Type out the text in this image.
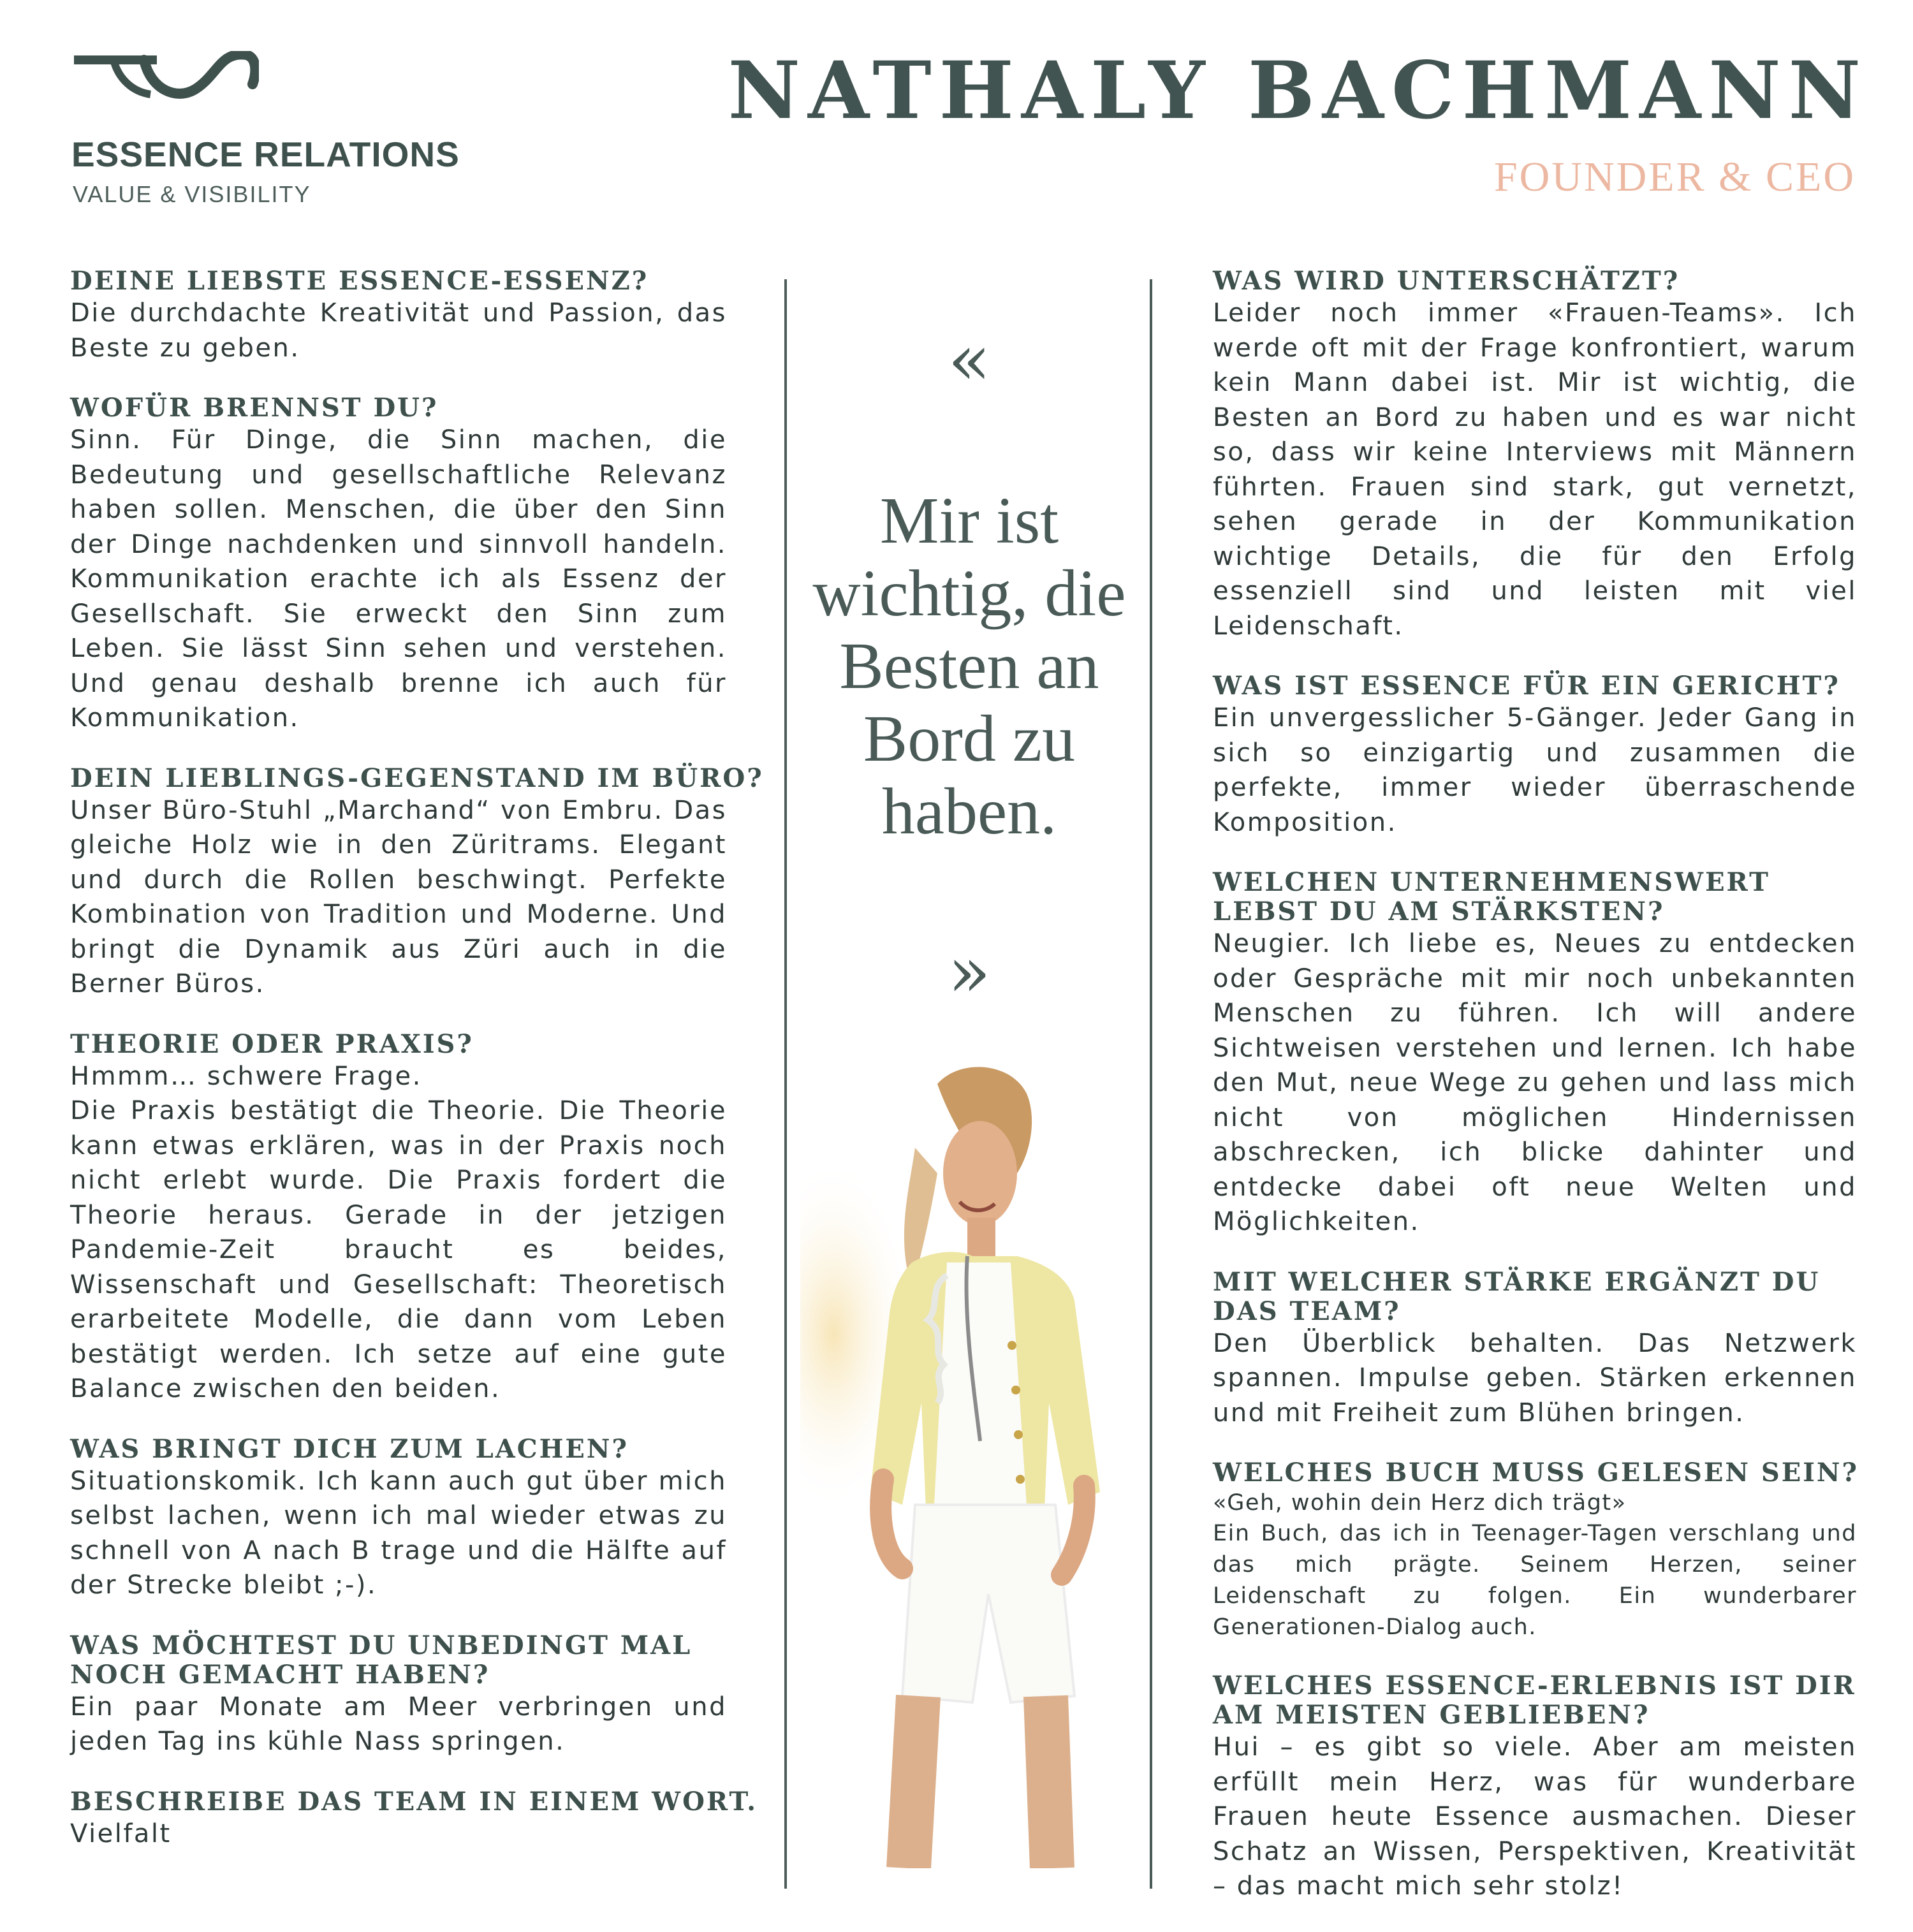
ESSENCE RELATIONS
VALUE & VISIBILITY
NATHALY BACHMANN
FOUNDER & CEO
DEINE LIEBSTE ESSENCE-ESSENZ?

Die durchdachte Kreativität und Passion, das Beste zu geben.

WOFÜR BRENNST DU?

Sinn. Für Dinge, die Sinn machen, die Bedeutung und gesellschaftliche Relevanz haben sollen. Menschen, die über den Sinn der Dinge nachdenken und sinnvoll handeln. Kommunikation erachte ich als Essenz der Gesellschaft. Sie erweckt den Sinn zum Leben. Sie lässt Sinn sehen und verstehen. Und genau deshalb brenne ich auch für Kommunikation.

DEIN LIEBLINGS-GEGENSTAND IM BÜRO?

Unser Büro-Stuhl „Marchand“ von Embru. Das gleiche Holz wie in den Züritrams. Elegant und durch die Rollen beschwingt. Perfekte Kombination von Tradition und Moderne. Und bringt die Dynamik aus Züri auch in die Berner Büros.

THEORIE ODER PRAXIS?

Hmmm… schwere Frage.

Die Praxis bestätigt die Theorie. Die Theorie kann etwas erklären, was in der Praxis noch nicht erlebt wurde. Die Praxis fordert die Theorie heraus. Gerade in der jetzigen Pandemie-Zeit braucht es beides, Wissenschaft und Gesellschaft: Theoretisch erarbeitete Modelle, die dann vom Leben bestätigt werden. Ich setze auf eine gute Balance zwischen den beiden.

WAS BRINGT DICH ZUM LACHEN?

Situationskomik. Ich kann auch gut über mich selbst lachen, wenn ich mal wieder etwas zu schnell von A nach B trage und die Hälfte auf der Strecke bleibt ;-).

WAS MÖCHTEST DU UNBEDINGT MAL
NOCH GEMACHT HABEN?

Ein paar Monate am Meer verbringen und jeden Tag ins kühle Nass springen.

BESCHREIBE DAS TEAM IN EINEM WORT.

Vielfalt

«
Mir ist wichtig, die Besten an Bord zu haben.
»
WAS WIRD UNTERSCHÄTZT?

Leider noch immer «Frauen-Teams». Ich werde oft mit der Frage konfrontiert, warum kein Mann dabei ist. Mir ist wichtig, die Besten an Bord zu haben und es war nicht so, dass wir keine Interviews mit Männern führten. Frauen sind stark, gut vernetzt, sehen gerade in der Kommunikation wichtige Details, die für den Erfolg essenziell sind und leisten mit viel Leidenschaft.

WAS IST ESSENCE FÜR EIN GERICHT?

Ein unvergesslicher 5-Gänger. Jeder Gang in sich so einzigartig und zusammen die perfekte, immer wieder überraschende Komposition.

WELCHEN UNTERNEHMENSWERT
LEBST DU AM STÄRKSTEN?

Neugier. Ich liebe es, Neues zu entdecken oder Gespräche mit mir noch unbekannten Menschen zu führen. Ich will andere Sichtweisen verstehen und lernen. Ich habe den Mut, neue Wege zu gehen und lass mich nicht von möglichen Hindernissen abschrecken, ich blicke dahinter und entdecke dabei oft neue Welten und Möglichkeiten.

MIT WELCHER STÄRKE ERGÄNZT DU
DAS TEAM?

Den Überblick behalten. Das Netzwerk spannen. Impulse geben. Stärken erkennen und mit Freiheit zum Blühen bringen.

WELCHES BUCH MUSS GELESEN SEIN?
«Geh, wohin dein Herz dich trägt»

Ein Buch, das ich in Teenager-Tagen verschlang und das mich prägte. Seinem Herzen, seiner Leidenschaft zu folgen. Ein wunderbarer Generationen-Dialog auch.

WELCHES ESSENCE-ERLEBNIS IST DIR
AM MEISTEN GEBLIEBEN?

Hui – es gibt so viele. Aber am meisten erfüllt mein Herz, was für wunderbare Frauen heute Essence ausmachen. Dieser Schatz an Wissen, Perspektiven, Kreativität – das macht mich sehr stolz!
